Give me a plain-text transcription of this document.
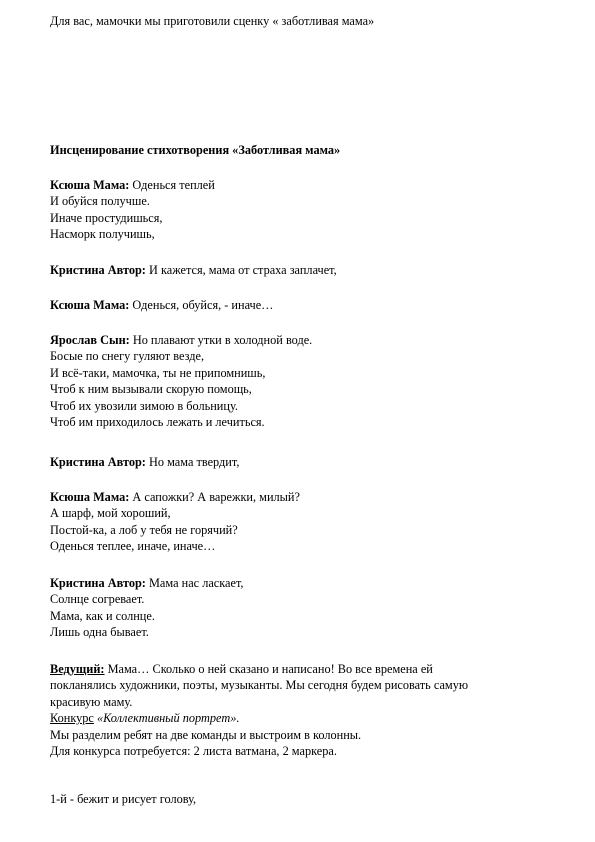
Для вас, мамочки мы приготовили сценку « заботливая мама»

Инсценирование стихотворения «Заботливая мама»

Ксюша Мама: Оденься теплей
И обуйся получше.
Иначе простудишься,
Насморк получишь,

Кристина Автор: И кажется, мама от страха заплачет,

Ксюша Мама: Оденься, обуйся, - иначе…

Ярослав Сын: Но плавают утки в холодной воде.
Босые по снегу гуляют везде,
И всё-таки, мамочка, ты не припомнишь,
Чтоб к ним вызывали скорую помощь,
Чтоб их увозили зимою в больницу.
Чтоб им приходилось лежать и лечиться.

Кристина Автор: Но мама твердит,

Ксюша Мама: А сапожки? А варежки, милый?
А шарф, мой хороший,
Постой-ка, а лоб у тебя не горячий?
Оденься теплее, иначе, иначе…

Кристина Автор: Мама нас ласкает,
Солнце согревает.
Мама, как и солнце.
Лишь одна бывает.

Ведущий: Мама… Сколько о ней сказано и написано! Во все времена ей
покланялись художники, поэты, музыканты. Мы сегодня будем рисовать самую
красивую маму.
Конкурс «Коллективный портрет».
Мы разделим ребят на две команды и выстроим в колонны.
Для конкурса потребуется: 2 листа ватмана, 2 маркера.

1-й - бежит и рисует голову,
